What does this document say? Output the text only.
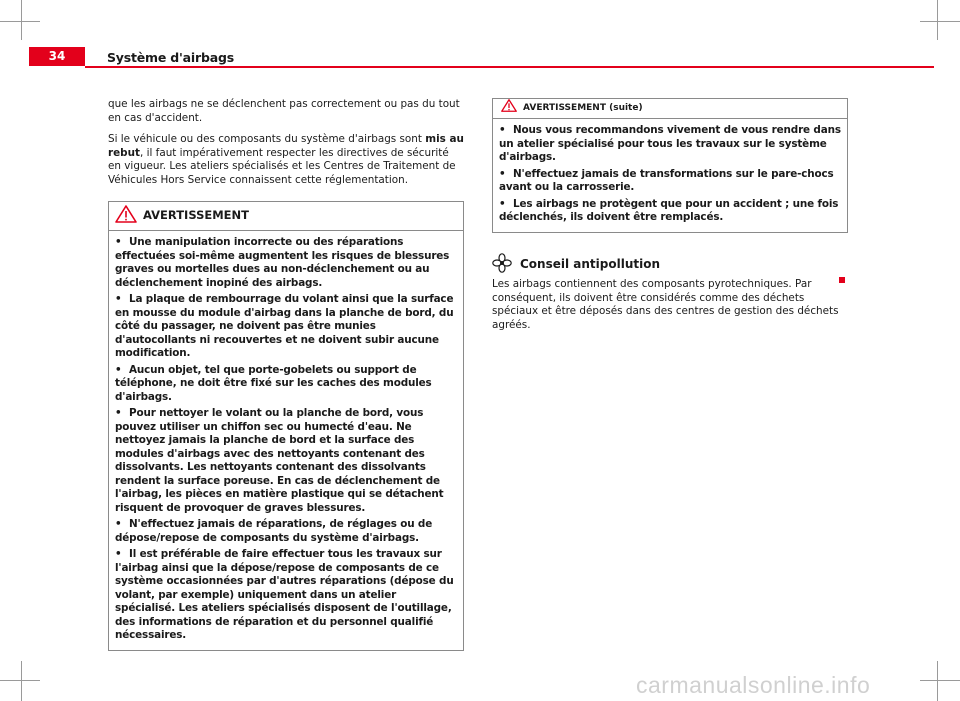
34	Système d'airbags

que les airbags ne se déclenchent pas correctement ou pas du tout en cas d'accident.

Si le véhicule ou des composants du système d'airbags sont mis au rebut, il faut impérativement respecter les directives de sécurité en vigueur. Les ateliers spécialisés et les Centres de Traitement de Véhicules Hors Service connaissent cette réglementation.

AVERTISSEMENT
• Une manipulation incorrecte ou des réparations effectuées soi-même augmentent les risques de blessures graves ou mortelles dues au non-déclenchement ou au déclenchement inopiné des airbags.
• La plaque de rembourrage du volant ainsi que la surface en mousse du module d'airbag dans la planche de bord, du côté du passager, ne doivent pas être munies d'autocollants ni recouvertes et ne doivent subir aucune modification.
• Aucun objet, tel que porte-gobelets ou support de téléphone, ne doit être fixé sur les caches des modules d'airbags.
• Pour nettoyer le volant ou la planche de bord, vous pouvez utiliser un chiffon sec ou humecté d'eau. Ne nettoyez jamais la planche de bord et la surface des modules d'airbags avec des nettoyants contenant des dissolvants. Les nettoyants contenant des dissolvants rendent la surface poreuse. En cas de déclenchement de l'airbag, les pièces en matière plastique qui se détachent risquent de provoquer de graves blessures.
• N'effectuez jamais de réparations, de réglages ou de dépose/repose de composants du système d'airbags.
• Il est préférable de faire effectuer tous les travaux sur l'airbag ainsi que la dépose/repose de composants de ce système occasionnées par d'autres réparations (dépose du volant, par exemple) uniquement dans un atelier spécialisé. Les ateliers spécialisés disposent de l'outillage, des informations de réparation et du personnel qualifié nécessaires.
AVERTISSEMENT (suite)
• Nous vous recommandons vivement de vous rendre dans un atelier spécialisé pour tous les travaux sur le système d'airbags.
• N'effectuez jamais de transformations sur le pare-chocs avant ou la carrosserie.
• Les airbags ne protègent que pour un accident ; une fois déclenchés, ils doivent être remplacés.
Conseil antipollution

Les airbags contiennent des composants pyrotechniques. Par conséquent, ils doivent être considérés comme des déchets spéciaux et être déposés dans des centres de gestion des déchets agréés.

carmanualsonline.info
